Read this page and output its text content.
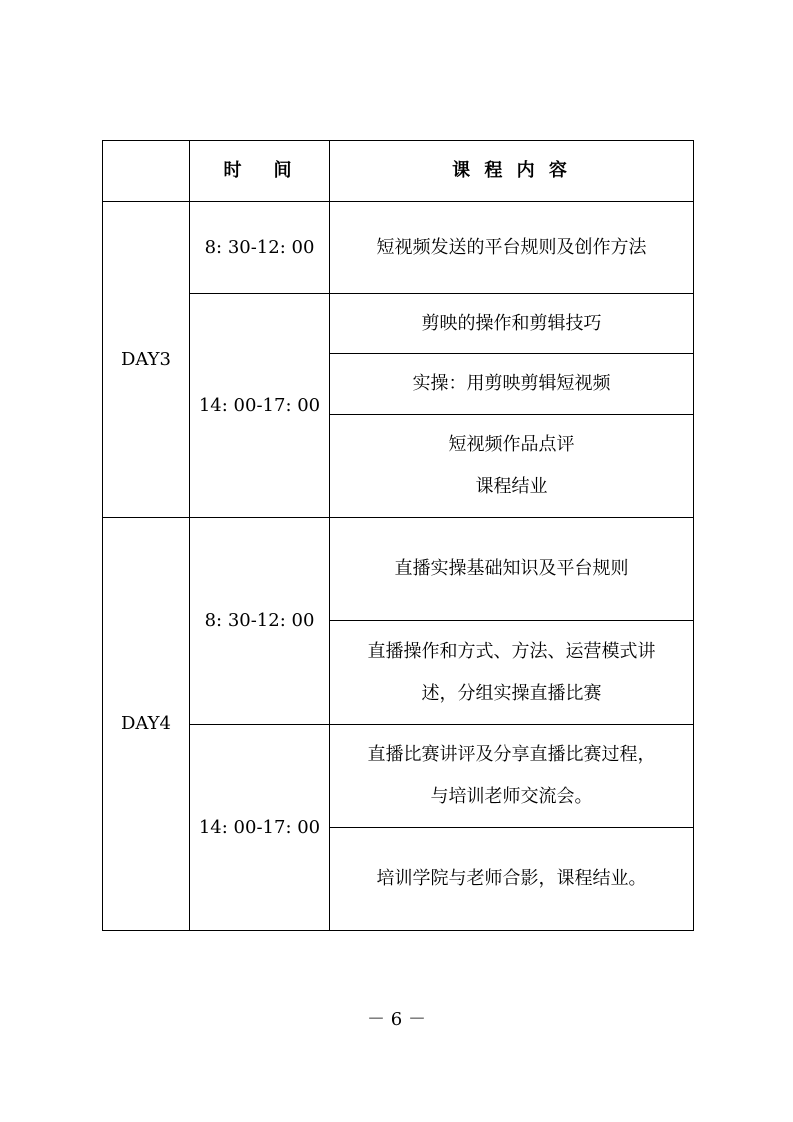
	时 间	课 程 内 容
DAY3	8: 30-12: 00	短视频发送的平台规则及创作方法
	14: 00-17: 00	剪映的操作和剪辑技巧
		实操：用剪映剪辑短视频

		短视频作品点评
课程结业

DAY4	8: 30-12: 00	直播实操基础知识及平台规则

		直播操作和方式、方法、运营模式讲
述，分组实操直播比赛

	14: 00-17: 00	直播比赛讲评及分享直播比赛过程，
与培训老师交流会。

		培训学院与老师合影，课程结业。
－ 6 －
